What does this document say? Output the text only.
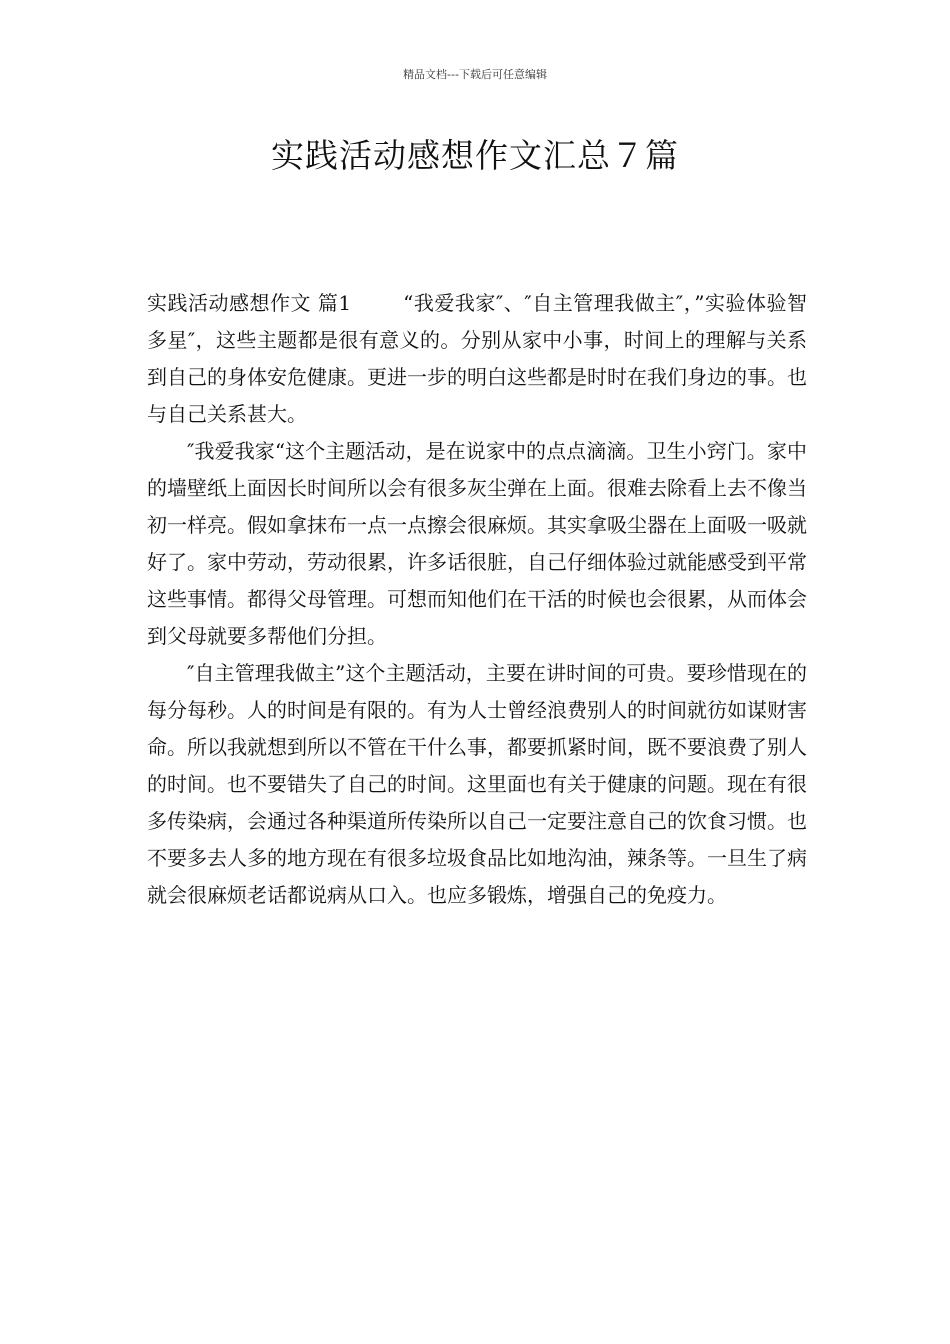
精品文档---下载后可任意编辑
实践活动感想作文汇总７篇

实践活动感想作文 篇1	“我爱我家″、″自主管理我做主″，”实验体验智多星″，这些主题都是很有意义的。分别从家中小事，时间上的理解与关系到自己的身体安危健康。更进一步的明白这些都是时时在我们身边的事。也与自己关系甚大。

″我爱我家“这个主题活动，是在说家中的点点滴滴。卫生小窍门。家中的墙壁纸上面因长时间所以会有很多灰尘弹在上面。很难去除看上去不像当初一样亮。假如拿抹布一点一点擦会很麻烦。其实拿吸尘器在上面吸一吸就好了。家中劳动，劳动很累，许多话很脏，自己仔细体验过就能感受到平常这些事情。都得父母管理。可想而知他们在干活的时候也会很累，从而体会到父母就要多帮他们分担。

″自主管理我做主”这个主题活动，主要在讲时间的可贵。要珍惜现在的每分每秒。人的时间是有限的。有为人士曾经浪费别人的时间就彷如谋财害命。所以我就想到所以不管在干什么事，都要抓紧时间，既不要浪费了别人的时间。也不要错失了自己的时间。这里面也有关于健康的问题。现在有很多传染病，会通过各种渠道所传染所以自己一定要注意自己的饮食习惯。也不要多去人多的地方现在有很多垃圾食品比如地沟油，辣条等。一旦生了病就会很麻烦老话都说病从口入。也应多锻炼，增强自己的免疫力。
